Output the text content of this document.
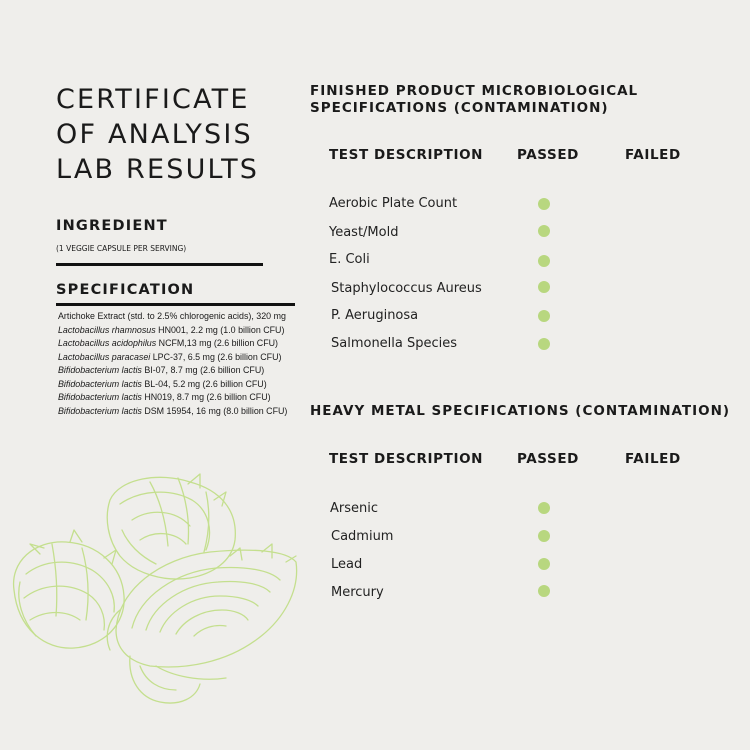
CERTIFICATE
OF ANALYSIS
LAB RESULTS
INGREDIENT
(1 VEGGIE CAPSULE PER SERVING)
SPECIFICATION
Artichoke Extract (std. to 2.5% chlorogenic acids), 320 mg
Lactobacillus rhamnosus HN001, 2.2 mg (1.0 billion CFU)
Lactobacillus acidophilus NCFM,13 mg (2.6 billion CFU)
Lactobacillus paracasei LPC-37, 6.5 mg (2.6 billion CFU)
Bifidobacterium lactis BI-07, 8.7 mg (2.6 billion CFU)
Bifidobacterium lactis BL-04, 5.2 mg (2.6 billion CFU)
Bifidobacterium lactis HN019, 8.7 mg (2.6 billion CFU)
Bifidobacterium lactis DSM 15954, 16 mg (8.0 billion CFU)
FINISHED PRODUCT MICROBIOLOGICAL SPECIFICATIONS (CONTAMINATION)
TEST DESCRIPTION	PASSED	FAILED
Aerobic Plate Count
Yeast/Mold
E. Coli
Staphylococcus Aureus
P. Aeruginosa
Salmonella Species
HEAVY METAL SPECIFICATIONS (CONTAMINATION)
TEST DESCRIPTION	PASSED	FAILED
Arsenic
Cadmium
Lead
Mercury
